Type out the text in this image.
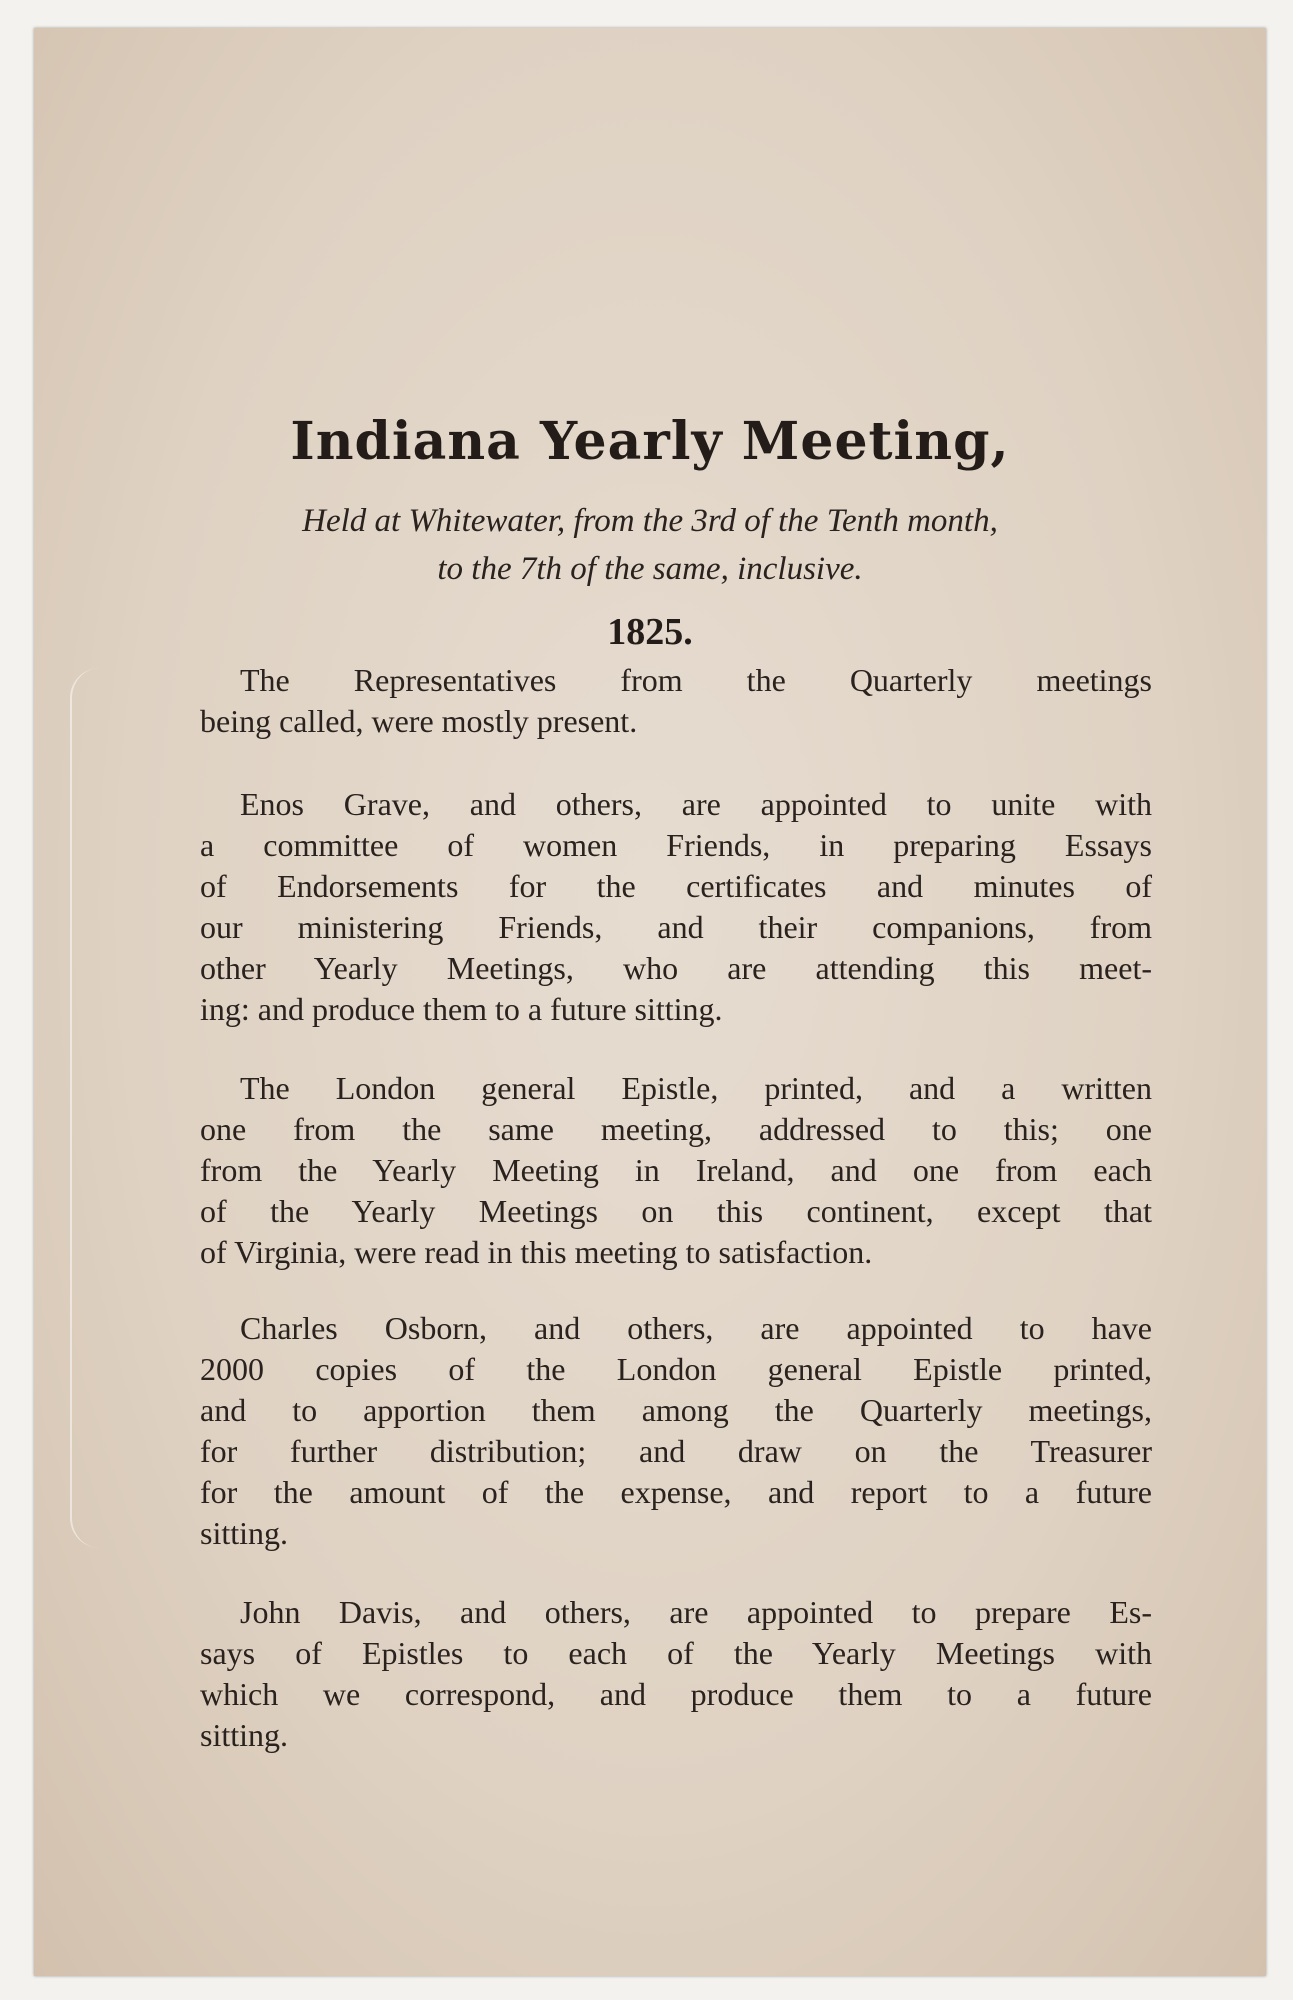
Indiana Yearly Meeting,
Held at Whitewater, from the 3rd of the Tenth month,
to the 7th of the same, inclusive.
1825.
The Representatives from the Quarterly meetings
being called, were mostly present.
Enos Grave, and others, are appointed to unite with
a committee of women Friends, in preparing Essays
of Endorsements for the certificates and minutes of
our ministering Friends, and their companions, from
other Yearly Meetings, who are attending this meet-
ing: and produce them to a future sitting.
The London general Epistle, printed, and a written
one from the same meeting, addressed to this; one
from the Yearly Meeting in Ireland, and one from each
of the Yearly Meetings on this continent, except that
of Virginia, were read in this meeting to satisfaction.
Charles Osborn, and others, are appointed to have
2000 copies of the London general Epistle printed,
and to apportion them among the Quarterly meetings,
for further distribution; and draw on the Treasurer
for the amount of the expense, and report to a future
sitting.
John Davis, and others, are appointed to prepare Es-
says of Epistles to each of the Yearly Meetings with
which we correspond, and produce them to a future
sitting.
